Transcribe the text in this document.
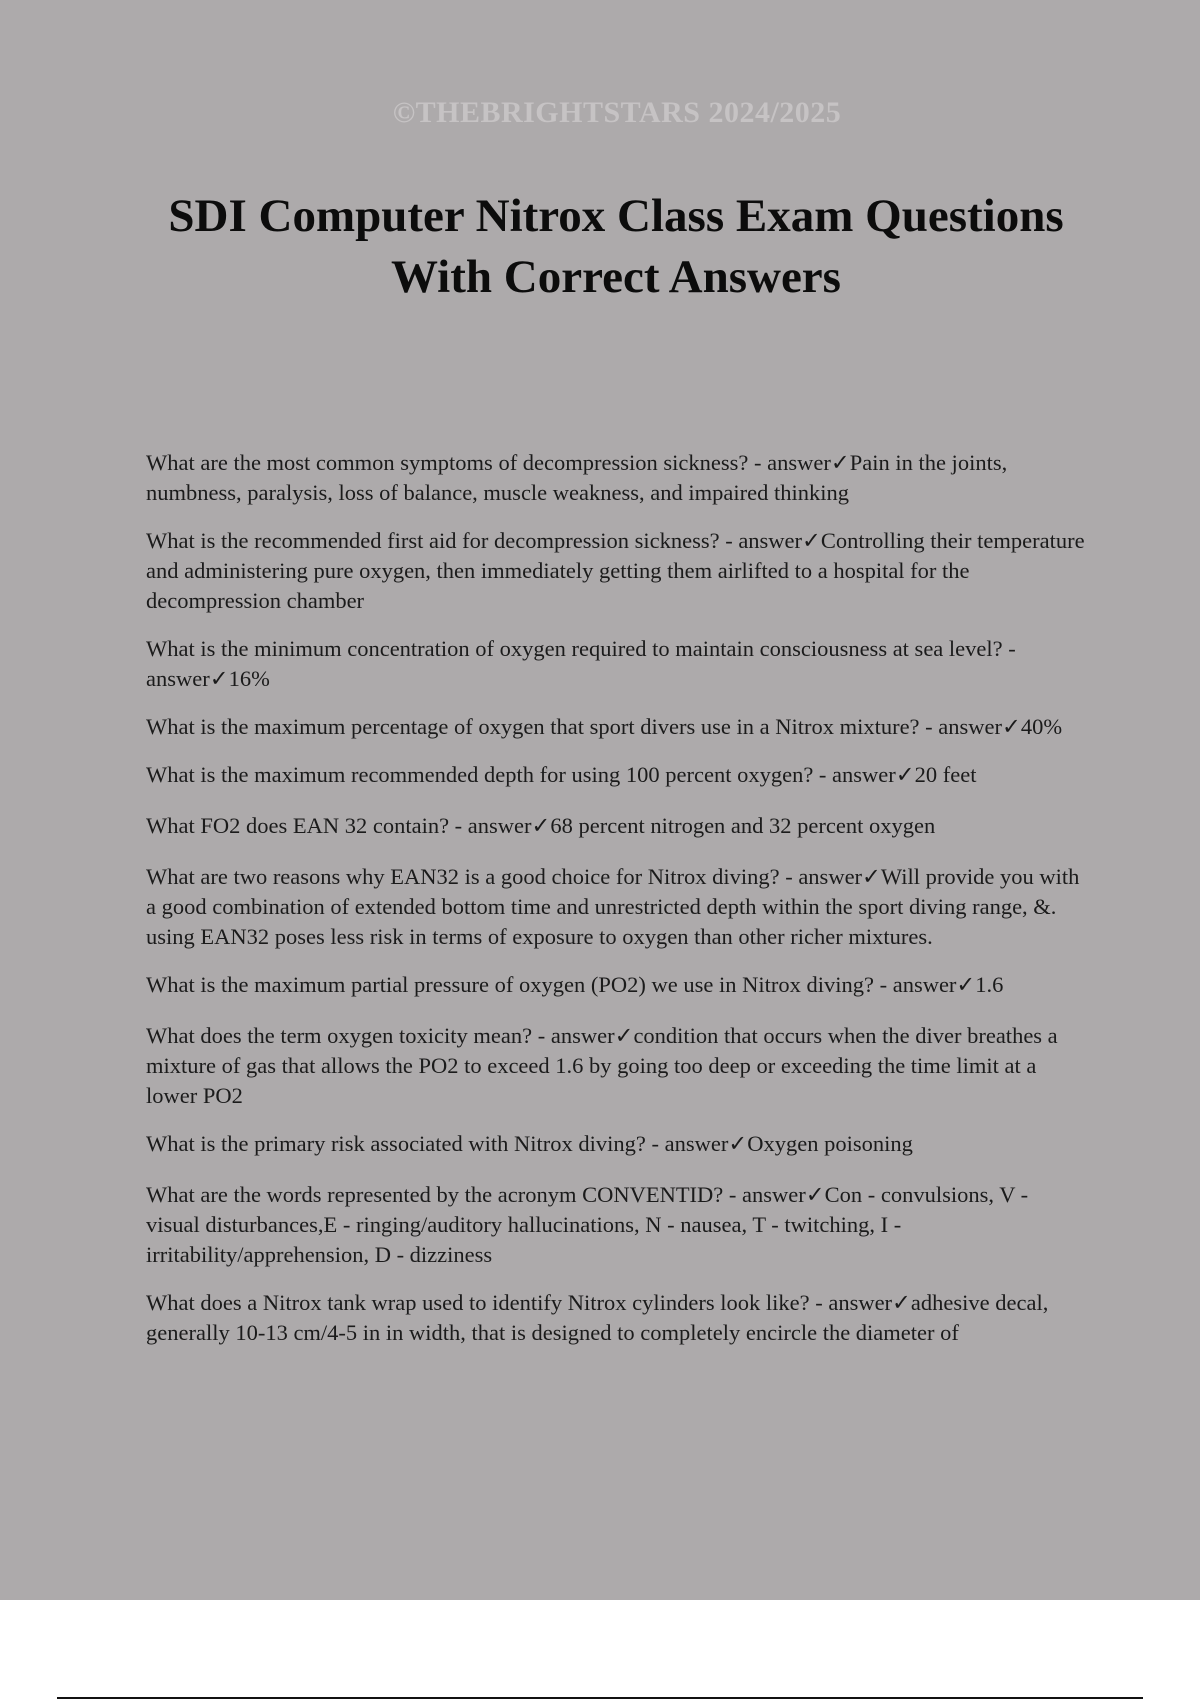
©THEBRIGHTSTARS 2024/2025
SDI Computer Nitrox Class Exam Questions
With Correct Answers
What are the most common symptoms of decompression sickness? - answer✓Pain in the joints, numbness, paralysis, loss of balance, muscle weakness, and impaired thinking
What is the recommended first aid for decompression sickness? - answer✓Controlling their temperature and administering pure oxygen, then immediately getting them airlifted to a hospital for the decompression chamber
What is the minimum concentration of oxygen required to maintain consciousness at sea level? - answer✓16%
What is the maximum percentage of oxygen that sport divers use in a Nitrox mixture? - answer✓40%
What is the maximum recommended depth for using 100 percent oxygen? - answer✓20 feet
What FO2 does EAN 32 contain? - answer✓68 percent nitrogen and 32 percent oxygen
What are two reasons why EAN32 is a good choice for Nitrox diving? - answer✓Will provide you with a good combination of extended bottom time and unrestricted depth within the sport diving range, &. using EAN32 poses less risk in terms of exposure to oxygen than other richer mixtures.
What is the maximum partial pressure of oxygen (PO2) we use in Nitrox diving? - answer✓1.6
What does the term oxygen toxicity mean? - answer✓condition that occurs when the diver breathes a mixture of gas that allows the PO2 to exceed 1.6 by going too deep or exceeding the time limit at a lower PO2
What is the primary risk associated with Nitrox diving? - answer✓Oxygen poisoning
What are the words represented by the acronym CONVENTID? - answer✓Con - convulsions, V - visual disturbances,E - ringing/auditory hallucinations, N - nausea, T - twitching, I - irritability/apprehension, D - dizziness
What does a Nitrox tank wrap used to identify Nitrox cylinders look like? - answer✓adhesive decal, generally 10-13 cm/4-5 in in width, that is designed to completely encircle the diameter of
